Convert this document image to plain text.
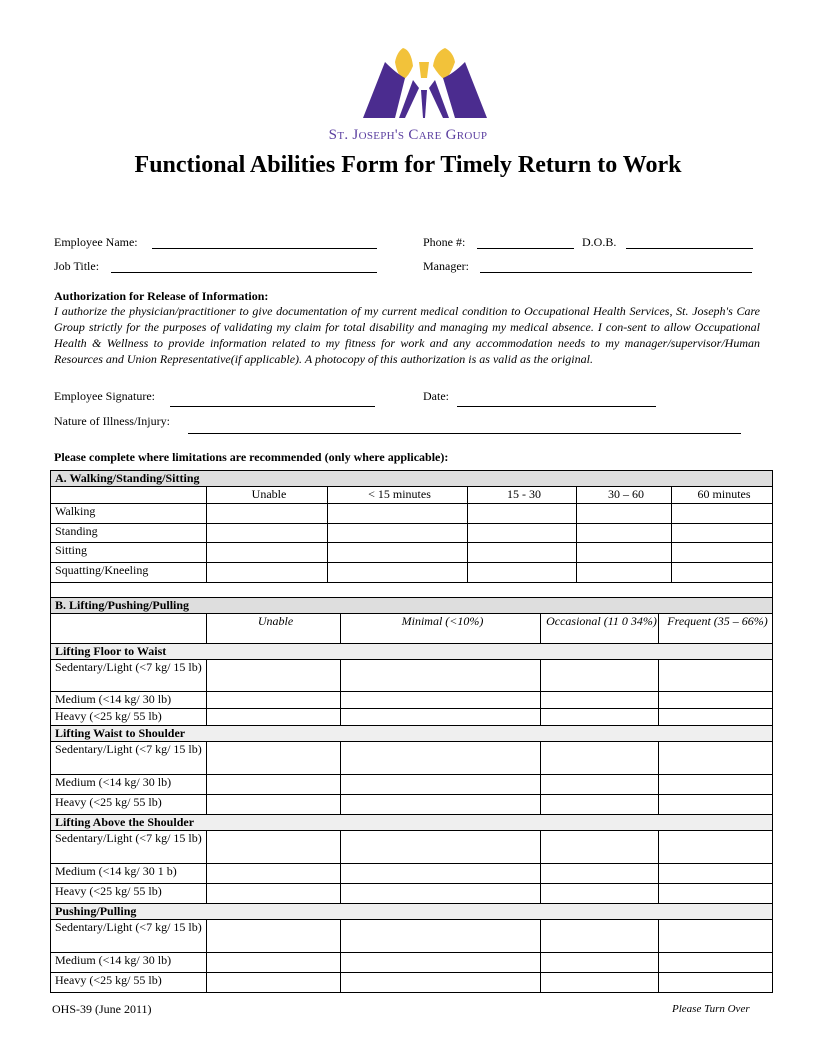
St. Joseph's Care Group
Functional Abilities Form for Timely Return to Work
Employee Name:	Phone #:	D.O.B.
Job Title:	Manager:
Authorization for Release of Information:
I authorize the physician/practitioner to give documentation of my current medical condition to Occupational Health Services, St. Joseph's Care Group strictly for the purposes of validating my claim for total disability and managing my medical absence. I con-sent to allow Occupational Health & Wellness to provide information related to my fitness for work and any accommodation needs to my manager/supervisor/Human Resources and Union Representative(if applicable). A photocopy of this authorization is as valid as the original.
Employee Signature:	Date:
Nature of Illness/Injury:
Please complete where limitations are recommended (only where applicable):
A. Walking/Standing/Sitting					
	Unable	< 15 minutes	15 - 30	30 – 60	60 minutes
Walking					
Standing					
Sitting					
Squatting/Kneeling					

B. Lifting/Pushing/Pulling				
	Unable	Minimal (<10%)	Occasional (11 0 34%)	Frequent (35 – 66%)
Lifting Floor to Waist				
Sedentary/Light (<7 kg/ 15 lb)				
Medium (<14 kg/ 30 lb)				
Heavy (<25 kg/ 55 lb)				
Lifting Waist to Shoulder				
Sedentary/Light (<7 kg/ 15 lb)				
Medium (<14 kg/ 30 lb)				
Heavy (<25 kg/ 55 lb)				
Lifting Above the Shoulder				
Sedentary/Light (<7 kg/ 15 lb)				
Medium (<14 kg/ 30 1 b)				
Heavy (<25 kg/ 55 lb)				
Pushing/Pulling				
Sedentary/Light (<7 kg/ 15 lb)				
Medium (<14 kg/ 30 lb)				
Heavy (<25 kg/ 55 lb)				
OHS-39 (June 2011)	Please Turn Over
